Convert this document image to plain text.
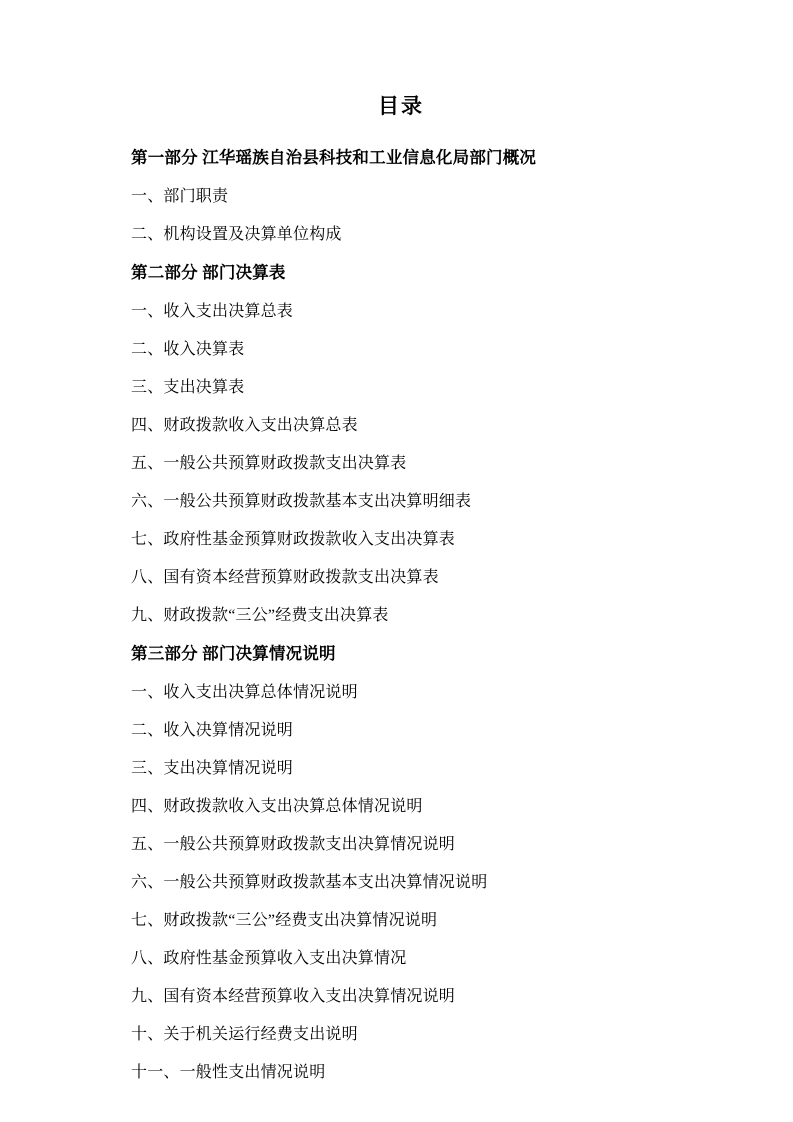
目录
第一部分 江华瑶族自治县科技和工业信息化局部门概况
一、部门职责
二、机构设置及决算单位构成
第二部分 部门决算表
一、收入支出决算总表
二、收入决算表
三、支出决算表
四、财政拨款收入支出决算总表
五、一般公共预算财政拨款支出决算表
六、一般公共预算财政拨款基本支出决算明细表
七、政府性基金预算财政拨款收入支出决算表
八、国有资本经营预算财政拨款支出决算表
九、财政拨款“三公”经费支出决算表
第三部分 部门决算情况说明
一、收入支出决算总体情况说明
二、收入决算情况说明
三、支出决算情况说明
四、财政拨款收入支出决算总体情况说明
五、一般公共预算财政拨款支出决算情况说明
六、一般公共预算财政拨款基本支出决算情况说明
七、财政拨款“三公”经费支出决算情况说明
八、政府性基金预算收入支出决算情况
九、国有资本经营预算收入支出决算情况说明
十、关于机关运行经费支出说明
十一、一般性支出情况说明
